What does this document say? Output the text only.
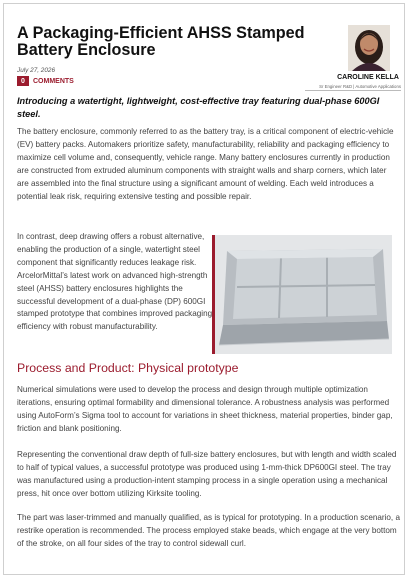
A Packaging-Efficient AHSS Stamped Battery Enclosure
July 27, 2026
0	COMMENTS	CAROLINE KELLA
Sr Engineer R&D | Automotive Applications
Introducing a watertight, lightweight, cost-effective tray featuring dual-phase 600GI steel.
The battery enclosure, commonly referred to as the battery tray, is a critical component of electric-vehicle (EV) battery packs. Automakers prioritize safety, manufacturability, reliability and packaging efficiency to maximize cell volume and, consequently, vehicle range. Many battery enclosures currently in production are constructed from extruded aluminum components with straight walls and sharp corners, which later are assembled into the final structure using a significant amount of welding. Each weld introduces a potential leak risk, requiring extensive testing and possible repair.
In contrast, deep drawing offers a robust alternative, enabling the production of a single, watertight steel component that significantly reduces leakage risk. ArcelorMittal’s latest work on advanced high-strength steel (AHSS) battery enclosures highlights the successful development of a dual-phase (DP) 600GI stamped prototype that combines improved packaging efficiency with robust manufacturability.
Process and Product: Physical prototype
Numerical simulations were used to develop the process and design through multiple optimization iterations, ensuring optimal formability and dimensional tolerance. A robustness analysis was performed using AutoForm’s Sigma tool to account for variations in sheet thickness, material properties, binder gap, friction and blank positioning.
Representing the conventional draw depth of full-size battery enclosures, but with length and width scaled to half of typical values, a successful prototype was produced using 1-mm-thick DP600GI steel. The tray was manufactured using a production-intent stamping process in a single operation using a mechanical press, hit once over bottom utilizing Kirksite tooling.
The part was laser-trimmed and manually qualified, as is typical for prototyping. In a production scenario, a restrike operation is recommended. The process employed stake beads, which engage at the very bottom of the stroke, on all four sides of the tray to control sidewall curl.
